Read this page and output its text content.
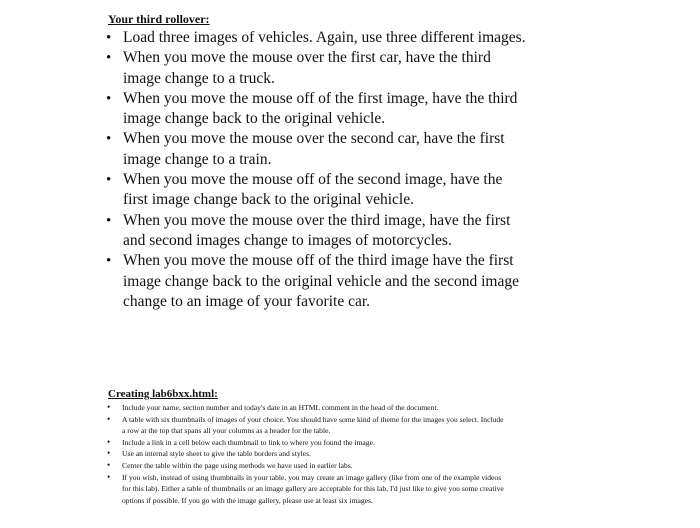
Your third rollover:
• Load three images of vehicles. Again, use three different images.
• When you move the mouse over the first car, have the third image change to a truck.
• When you move the mouse off of the first image, have the third image change back to the original vehicle.
• When you move the mouse over the second car, have the first image change to a train.
• When you move the mouse off of the second image, have the first image change back to the original vehicle.
• When you move the mouse over the third image, have the first and second images change to images of motorcycles.
• When you move the mouse off of the third image have the first image change back to the original vehicle and the second image change to an image of your favorite car.
Creating lab6bxx.html:
• Include your name, section number and today's date in an HTML comment in the head of the document.
• A table with six thumbnails of images of your choice. You should have some kind of theme for the images you select. Include a row at the top that spans all your columns as a header for the table.
• Include a link in a cell below each thumbnail to link to where you found the image.
• Use an internal style sheet to give the table borders and styles.
• Center the table within the page using methods we have used in earlier labs.
• If you wish, instead of using thumbnails in your table, you may create an image gallery (like from one of the example videos for this lab). Either a table of thumbnails or an image gallery are acceptable for this lab, I'd just like to give you some creative options if possible. If you go with the image gallery, please use at least six images.
